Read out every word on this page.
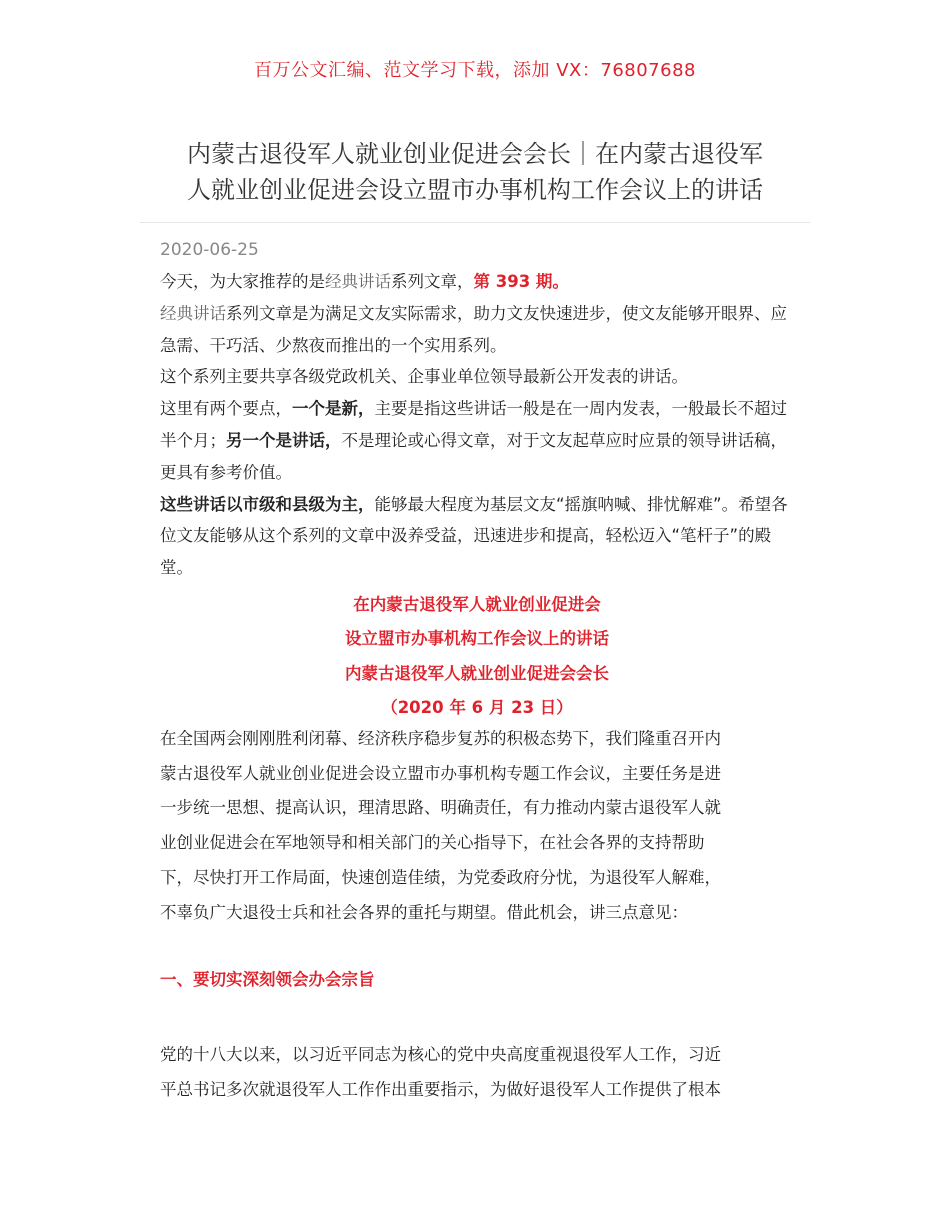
百万公文汇编、范文学习下载，添加 VX：76807688
内蒙古退役军人就业创业促进会会长｜在内蒙古退役军
人就业创业促进会设立盟市办事机构工作会议上的讲话
2020-06-25

今天，为大家推荐的是经典讲话系列文章，第 393 期。

经典讲话系列文章是为满足文友实际需求，助力文友快速进步，使文友能够开眼界、应急需、干巧活、少熬夜而推出的一个实用系列。

这个系列主要共享各级党政机关、企事业单位领导最新公开发表的讲话。

这里有两个要点，一个是新，主要是指这些讲话一般是在一周内发表，一般最长不超过半个月；另一个是讲话，不是理论或心得文章，对于文友起草应时应景的领导讲话稿，更具有参考价值。

这些讲话以市级和县级为主，能够最大程度为基层文友“摇旗呐喊、排忧解难”。希望各位文友能够从这个系列的文章中汲养受益，迅速进步和提高，轻松迈入“笔杆子”的殿堂。

在内蒙古退役军人就业创业促进会
设立盟市办事机构工作会议上的讲话
内蒙古退役军人就业创业促进会会长
（2020 年 6 月 23 日）

在全国两会刚刚胜利闭幕、经济秩序稳步复苏的积极态势下，我们隆重召开内

蒙古退役军人就业创业促进会设立盟市办事机构专题工作会议，主要任务是进

一步统一思想、提高认识，理清思路、明确责任，有力推动内蒙古退役军人就

业创业促进会在军地领导和相关部门的关心指导下，在社会各界的支持帮助

下，尽快打开工作局面，快速创造佳绩，为党委政府分忧，为退役军人解难，

不辜负广大退役士兵和社会各界的重托与期望。借此机会，讲三点意见：

一、要切实深刻领会办会宗旨

党的十八大以来，以习近平同志为核心的党中央高度重视退役军人工作，习近

平总书记多次就退役军人工作作出重要指示，为做好退役军人工作提供了根本
